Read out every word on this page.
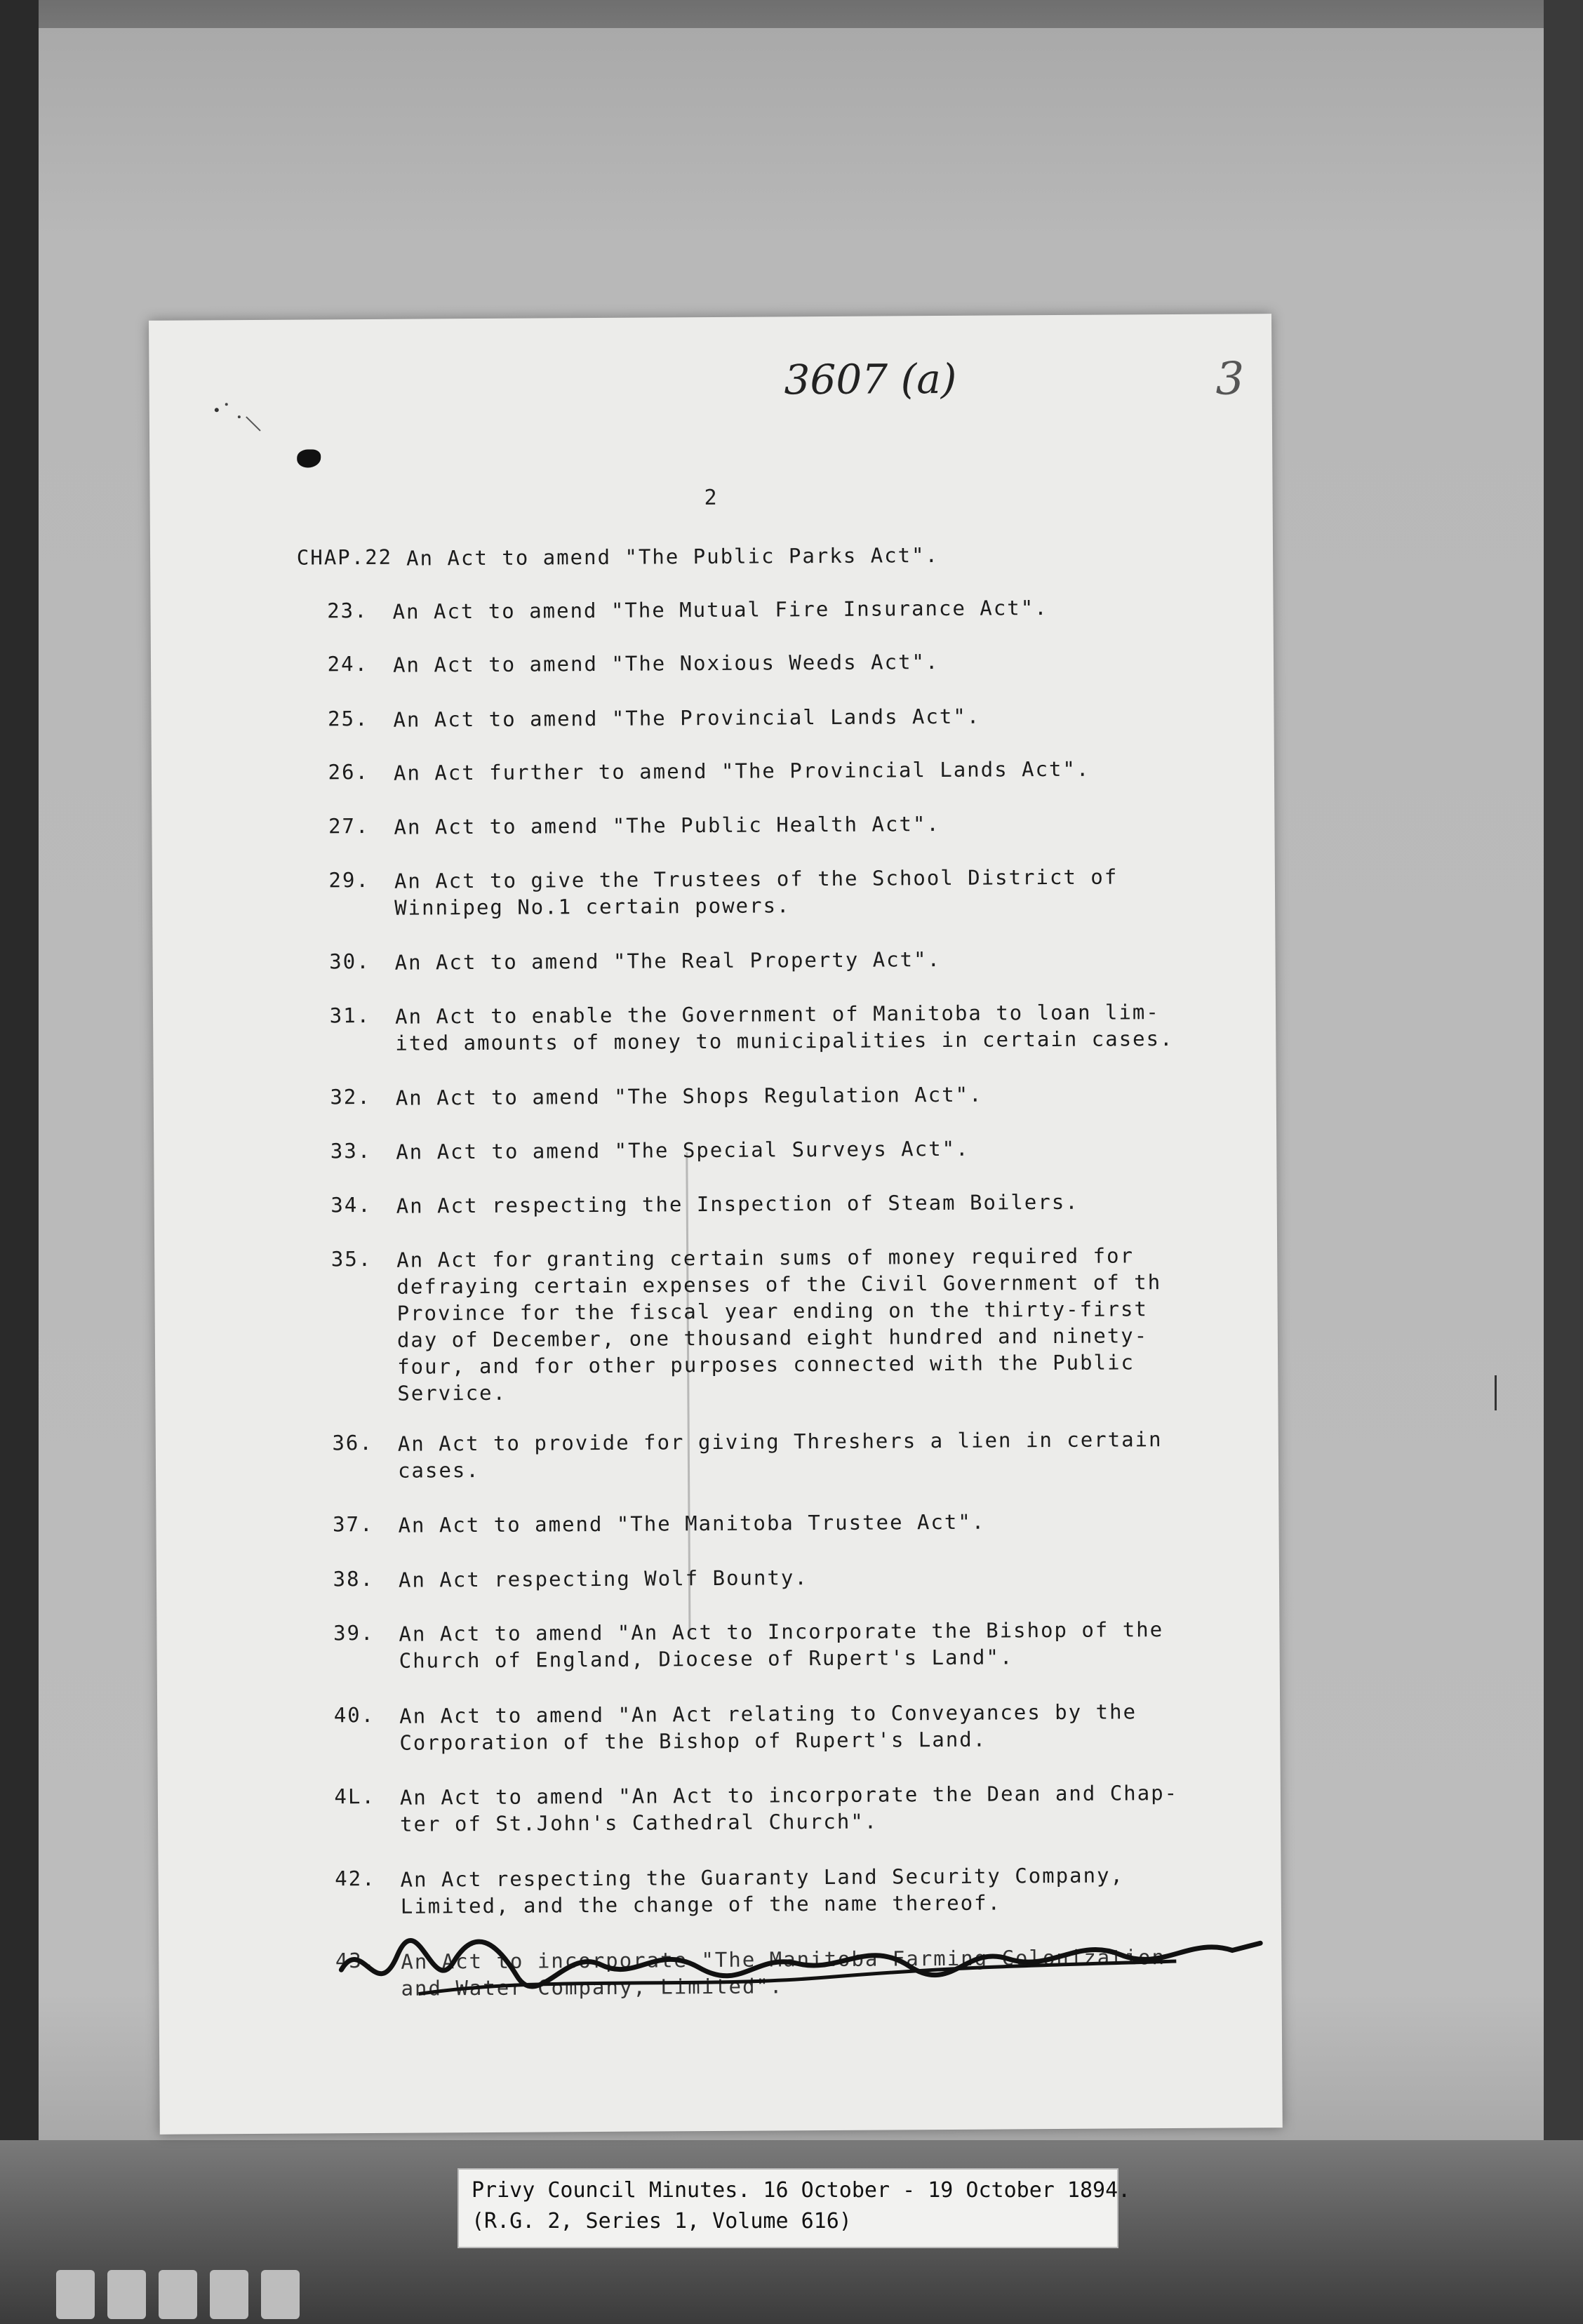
3607 (a)	3
2
CHAP.22 An Act to amend "The Public Parks Act".
23. An Act to amend "The Mutual Fire Insurance Act".
24. An Act to amend "The Noxious Weeds Act".
25. An Act to amend "The Provincial Lands Act".
26. An Act further to amend "The Provincial Lands Act".
27. An Act to amend "The Public Health Act".
29. An Act to give the Trustees of the School District of
Winnipeg No.1 certain powers.
30. An Act to amend "The Real Property Act".
31. An Act to enable the Government of Manitoba to loan lim-
ited amounts of money to municipalities in certain cases.
32. An Act to amend "The Shops Regulation Act".
33. An Act to amend "The Special Surveys Act".
34. An Act respecting the Inspection of Steam Boilers.
35. An Act for granting certain sums of money required for
defraying certain expenses of the Civil Government of th
Province for the fiscal year ending on the thirty-first
day of December, one thousand eight hundred and ninety-
four, and for other purposes connected with the Public
Service.
36. An Act to provide for giving Threshers a lien in certain
cases.
37. An Act to amend "The Manitoba Trustee Act".
38. An Act respecting Wolf Bounty.
39. An Act to amend "An Act to Incorporate the Bishop of the
Church of England, Diocese of Rupert's Land".
40. An Act to amend "An Act relating to Conveyances by the
Corporation of the Bishop of Rupert's Land.
4L. An Act to amend "An Act to incorporate the Dean and Chap-
ter of St.John's Cathedral Church".
42. An Act respecting the Guaranty Land Security Company,
Limited, and the change of the name thereof.
43. An Act to incorporate "The Manitoba Farming Colonization
and Water Company, Limited".
Privy Council Minutes. 16 October - 19 October 1894.
(R.G. 2, Series 1, Volume 616)
